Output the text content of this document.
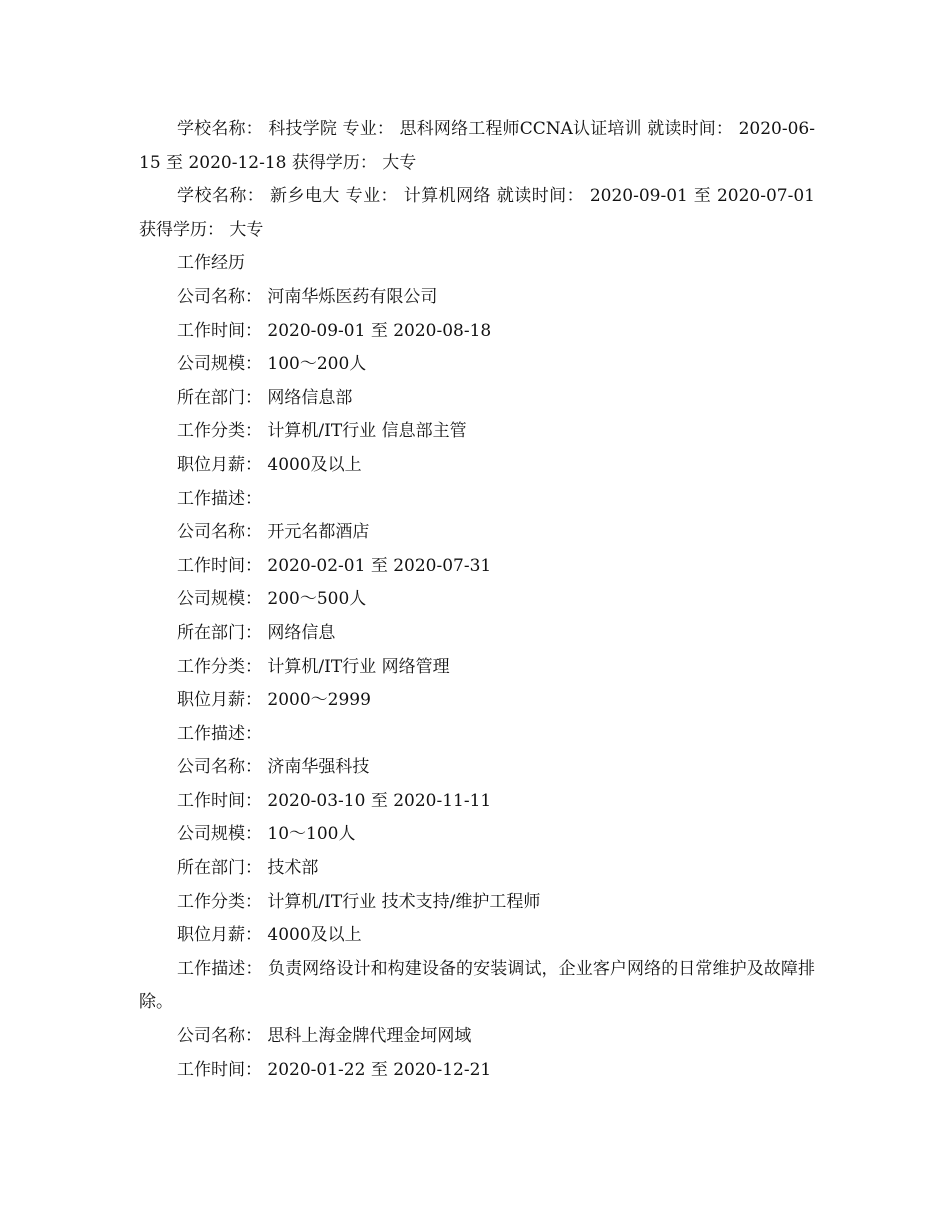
学校名称： 科技学院 专业： 思科网络工程师CCNA认证培训 就读时间： 2020-06-15 至 2020-12-18 获得学历： 大专

学校名称： 新乡电大 专业： 计算机网络 就读时间： 2020-09-01 至 2020-07-01 获得学历： 大专

工作经历

公司名称： 河南华烁医药有限公司

工作时间： 2020-09-01 至 2020-08-18

公司规模： 100～200人

所在部门： 网络信息部

工作分类： 计算机/IT行业 信息部主管

职位月薪： 4000及以上

工作描述：

公司名称： 开元名都酒店

工作时间： 2020-02-01 至 2020-07-31

公司规模： 200～500人

所在部门： 网络信息

工作分类： 计算机/IT行业 网络管理

职位月薪： 2000～2999

工作描述：

公司名称： 济南华强科技

工作时间： 2020-03-10 至 2020-11-11

公司规模： 10～100人

所在部门： 技术部

工作分类： 计算机/IT行业 技术支持/维护工程师

职位月薪： 4000及以上

工作描述： 负责网络设计和构建设备的安装调试，企业客户网络的日常维护及故障排除。

公司名称： 思科上海金牌代理金坷网域

工作时间： 2020-01-22 至 2020-12-21
